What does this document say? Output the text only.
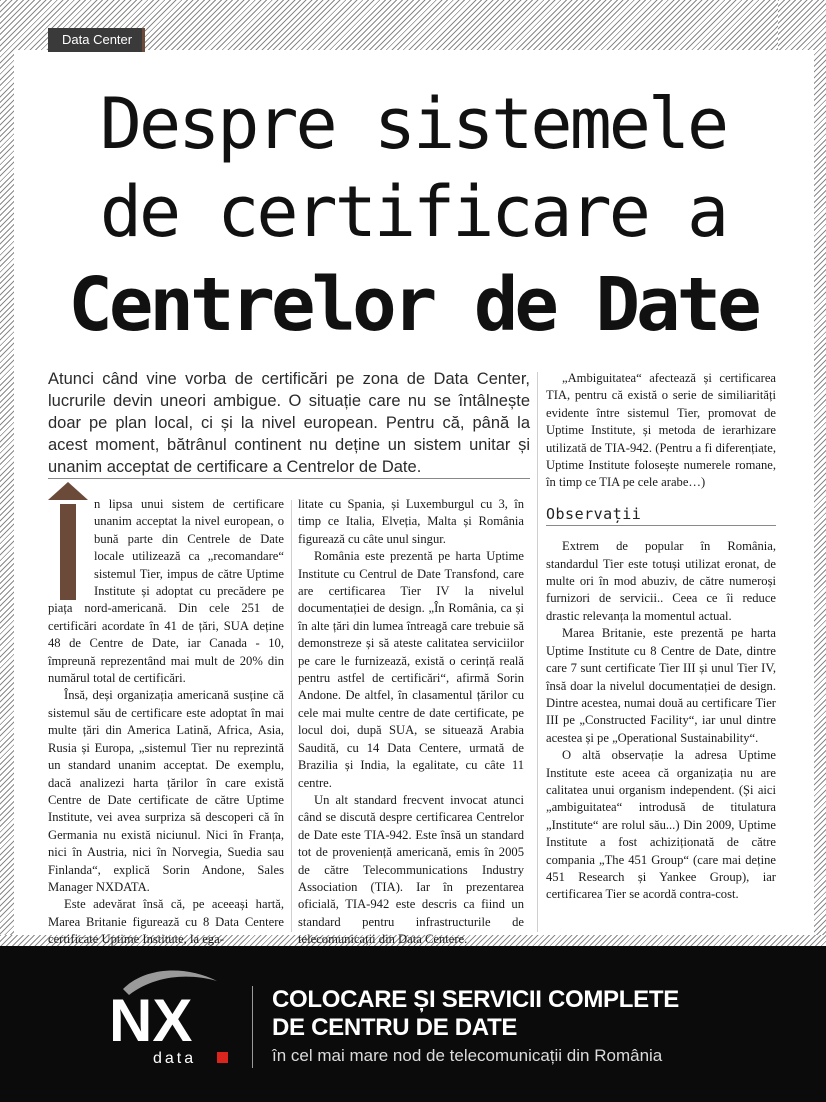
Data Center
Despre sistemele
de certificare a
Centrelor de Date
Atunci când vine vorba de certificări pe zona de Data Center, lucrurile devin uneori ambigue. O situație care nu se întâlnește doar pe plan local, ci și la nivel european. Pentru că, până la acest moment, bătrânul continent nu deține un sistem unitar și unanim acceptat de certificare a Centrelor de Date.

n lipsa unui sistem de certificare unanim acceptat la nivel european, o bună parte din Centrele de Date locale utilizează ca „recomandare“ sistemul Tier, impus de către Uptime Institute și adoptat cu precădere pe piața nord-americană. Din cele 251 de certificări acordate în 41 de țări, SUA deține 48 de Centre de Date, iar Canada - 10, împreună reprezentând mai mult de 20% din numărul total de certificări.

Însă, deși organizația americană susține că sistemul său de certificare este adoptat în mai multe țări din America Latină, Africa, Asia, Rusia și Europa, „sistemul Tier nu reprezintă un standard unanim acceptat. De exemplu, dacă analizezi harta țărilor în care există Centre de Date certificate de către Uptime Institute, vei avea surpriza să descoperi că în Germania nu există niciunul. Nici în Franța, nici în Austria, nici în Norvegia, Suedia sau Finlanda“, explică Sorin Andone, Sales Manager NXDATA.

Este adevărat însă că, pe aceeași hartă, Marea Britanie figurează cu 8 Data Centere certificate Uptime Institute, la ega-

litate cu Spania, și Luxemburgul cu 3, în timp ce Italia, Elveția, Malta și România figurează cu câte unul singur.

România este prezentă pe harta Uptime Institute cu Centrul de Date Transfond, care are certificarea Tier IV la nivelul documentației de design. „În România, ca și în alte țări din lumea întreagă care trebuie să demonstreze și să ateste calitatea serviciilor pe care le furnizează, există o cerință reală pentru astfel de certificări“, afirmă Sorin Andone. De altfel, în clasamentul țărilor cu cele mai multe centre de date certificate, pe locul doi, după SUA, se situează Arabia Saudită, cu 14 Data Centere, urmată de Brazilia și India, la egalitate, cu câte 11 centre.

Un alt standard frecvent invocat atunci când se discută despre certificarea Centrelor de Date este TIA-942. Este însă un standard tot de proveniență americană, emis în 2005 de către Telecommunications Industry Association (TIA). Iar în prezentarea oficială, TIA-942 este descris ca fiind un standard pentru infrastructurile de telecomunicații din Data Centere.

„Ambiguitatea“ afectează și certificarea TIA, pentru că există o serie de similiarități evidente între sistemul Tier, promovat de Uptime Institute, și metoda de ierarhizare utilizată de TIA-942. (Pentru a fi diferențiate, Uptime Institute folosește numerele romane, în timp ce TIA pe cele arabe…)

Observații

Extrem de popular în România, standardul Tier este totuși utilizat eronat, de multe ori în mod abuziv, de către numeroși furnizori de servicii.. Ceea ce îi reduce drastic relevanța la momentul actual.

Marea Britanie, este prezentă pe harta Uptime Institute cu 8 Centre de Date, dintre care 7 sunt certificate Tier III și unul Tier IV, însă doar la nivelul documentației de design. Dintre acestea, numai două au certificare Tier III pe „Constructed Facility“, iar unul dintre acestea și pe „Operational Sustainability“.

O altă observație la adresa Uptime Institute este aceea că organizația nu are calitatea unui organism independent. (Și aici „ambiguitatea“ introdusă de titulatura „Institute“ are rolul său...) Din 2009, Uptime Institute a fost achiziționată de către compania „The 451 Group“ (care mai deține 451 Research și Yankee Group), iar certificarea Tier se acordă contra-cost.

NX
data
COLOCARE ȘI SERVICII COMPLETE
DE CENTRU DE DATE
în cel mai mare nod de telecomunicații din România
